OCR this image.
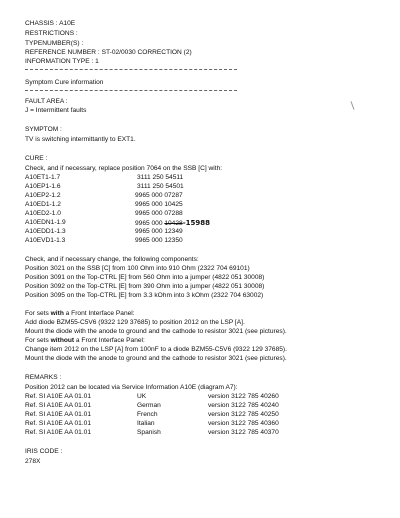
CHASSIS : A10E
RESTRICTIONS :
TYPENUMBER(S) :
REFERENCE NUMBER : ST-02/0030 CORRECTION (2)
INFORMATION TYPE : 1
Symptom Cure information
FAULT AREA :
J = Intermittent faults
SYMPTOM :
TV is switching intermittantly to EXT1.
CURE :
Check, and if necessary, replace position 7064 on the SSB [C] with:
A10ET1-1.7	3111 250 54511
A10EP1-1.6	3111 250 54501
A10EP2-1.2	9965 000 07287
A10ED1-1.2	9965 000 10425
A10ED2-1.0	9965 000 07288
A10EDN1-1.9	9965 000 10428-15988
A10EDD1-1.3	9965 000 12349
A10EVD1-1.3	9965 000 12350
Check, and if necessary change, the following components:
Position 3021 on the SSB [C] from 100 Ohm into 910 Ohm (2322 704 69101)
Position 3091 on the Top-CTRL [E] from 560 Ohm into a jumper (4822 051 30008)
Position 3092 on the Top-CTRL [E] from 390 Ohm into a jumper (4822 051 30008)
Position 3095 on the Top-CTRL [E] from 3.3 kOhm into 3 kOhm (2322 704 63002)
For sets with a Front Interface Panel:
Add diode BZM55-C5V6 (9322 129 37685) to position 2012 on the LSP [A].
Mount the diode with the anode to ground and the cathode to resistor 3021 (see pictures).
For sets without a Front Interface Panel:
Change item 2012 on the LSP [A] from 100nF to a diode BZM55-C5V6 (9322 129 37685).
Mount the diode with the anode to ground and the cathode to resistor 3021 (see pictures).
REMARKS :
Position 2012 can be located via Service Information A10E (diagram A7):
Ref. SI A10E AA 01.01	UK	version 3122 785 40260
Ref. SI A10E AA 01.01	German	version 3122 785 40240
Ref. SI A10E AA 01.01	French	version 3122 785 40250
Ref. SI A10E AA 01.01	Italian	version 3122 785 40360
Ref. SI A10E AA 01.01	Spanish	version 3122 785 40370
IRIS CODE :
278X
